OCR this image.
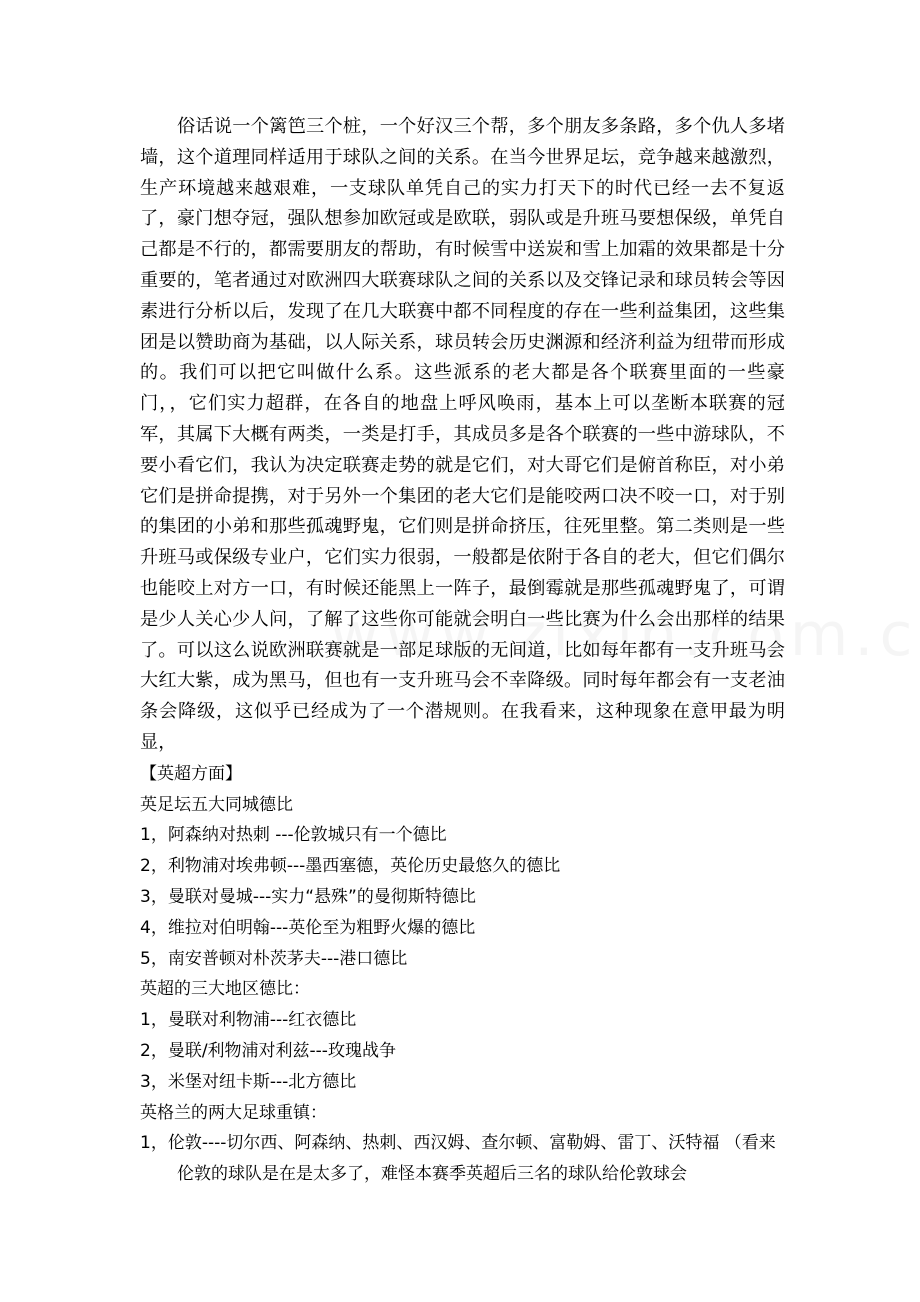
俗话说一个篱笆三个桩，一个好汉三个帮，多个朋友多条路，多个仇人多堵墙，这个道理同样适用于球队之间的关系。在当今世界足坛，竞争越来越激烈，生产环境越来越艰难，一支球队单凭自己的实力打天下的时代已经一去不复返了，豪门想夺冠，强队想参加欧冠或是欧联，弱队或是升班马要想保级，单凭自己都是不行的，都需要朋友的帮助，有时候雪中送炭和雪上加霜的效果都是十分重要的，笔者通过对欧洲四大联赛球队之间的关系以及交锋记录和球员转会等因素进行分析以后，发现了在几大联赛中都不同程度的存在一些利益集团，这些集团是以赞助商为基础，以人际关系，球员转会历史渊源和经济利益为纽带而形成的。我们可以把它叫做什么系。这些派系的老大都是各个联赛里面的一些豪门，，它们实力超群，在各自的地盘上呼风唤雨，基本上可以垄断本联赛的冠军，其属下大概有两类，一类是打手，其成员多是各个联赛的一些中游球队，不要小看它们，我认为决定联赛走势的就是它们，对大哥它们是俯首称臣，对小弟它们是拼命提携，对于另外一个集团的老大它们是能咬两口决不咬一口，对于别的集团的小弟和那些孤魂野鬼，它们则是拼命挤压，往死里整。第二类则是一些升班马或保级专业户，它们实力很弱，一般都是依附于各自的老大，但它们偶尔也能咬上对方一口，有时候还能黑上一阵子，最倒霉就是那些孤魂野鬼了，可谓是少人关心少人问，了解了这些你可能就会明白一些比赛为什么会出那样的结果了。可以这么说欧洲联赛就是一部足球版的无间道，比如每年都有一支升班马会大红大紫，成为黑马，但也有一支升班马会不幸降级。同时每年都会有一支老油条会降级，这似乎已经成为了一个潜规则。在我看来，这种现象在意甲最为明显，

【英超方面】

英足坛五大同城德比

1，阿森纳对热刺 ---伦敦城只有一个德比

2，利物浦对埃弗顿---墨西塞德，英伦历史最悠久的德比

3，曼联对曼城---实力“悬殊”的曼彻斯特德比

4，维拉对伯明翰---英伦至为粗野火爆的德比

5，南安普顿对朴茨茅夫---港口德比

英超的三大地区德比：

1，曼联对利物浦---红衣德比

2，曼联/利物浦对利兹---玫瑰战争

3，米堡对纽卡斯---北方德比

英格兰的两大足球重镇：

1，伦敦----切尔西、阿森纳、热刺、西汉姆、查尔顿、富勒姆、雷丁、沃特福 （看来伦敦的球队是在是太多了，难怪本赛季英超后三名的球队给伦敦球会
